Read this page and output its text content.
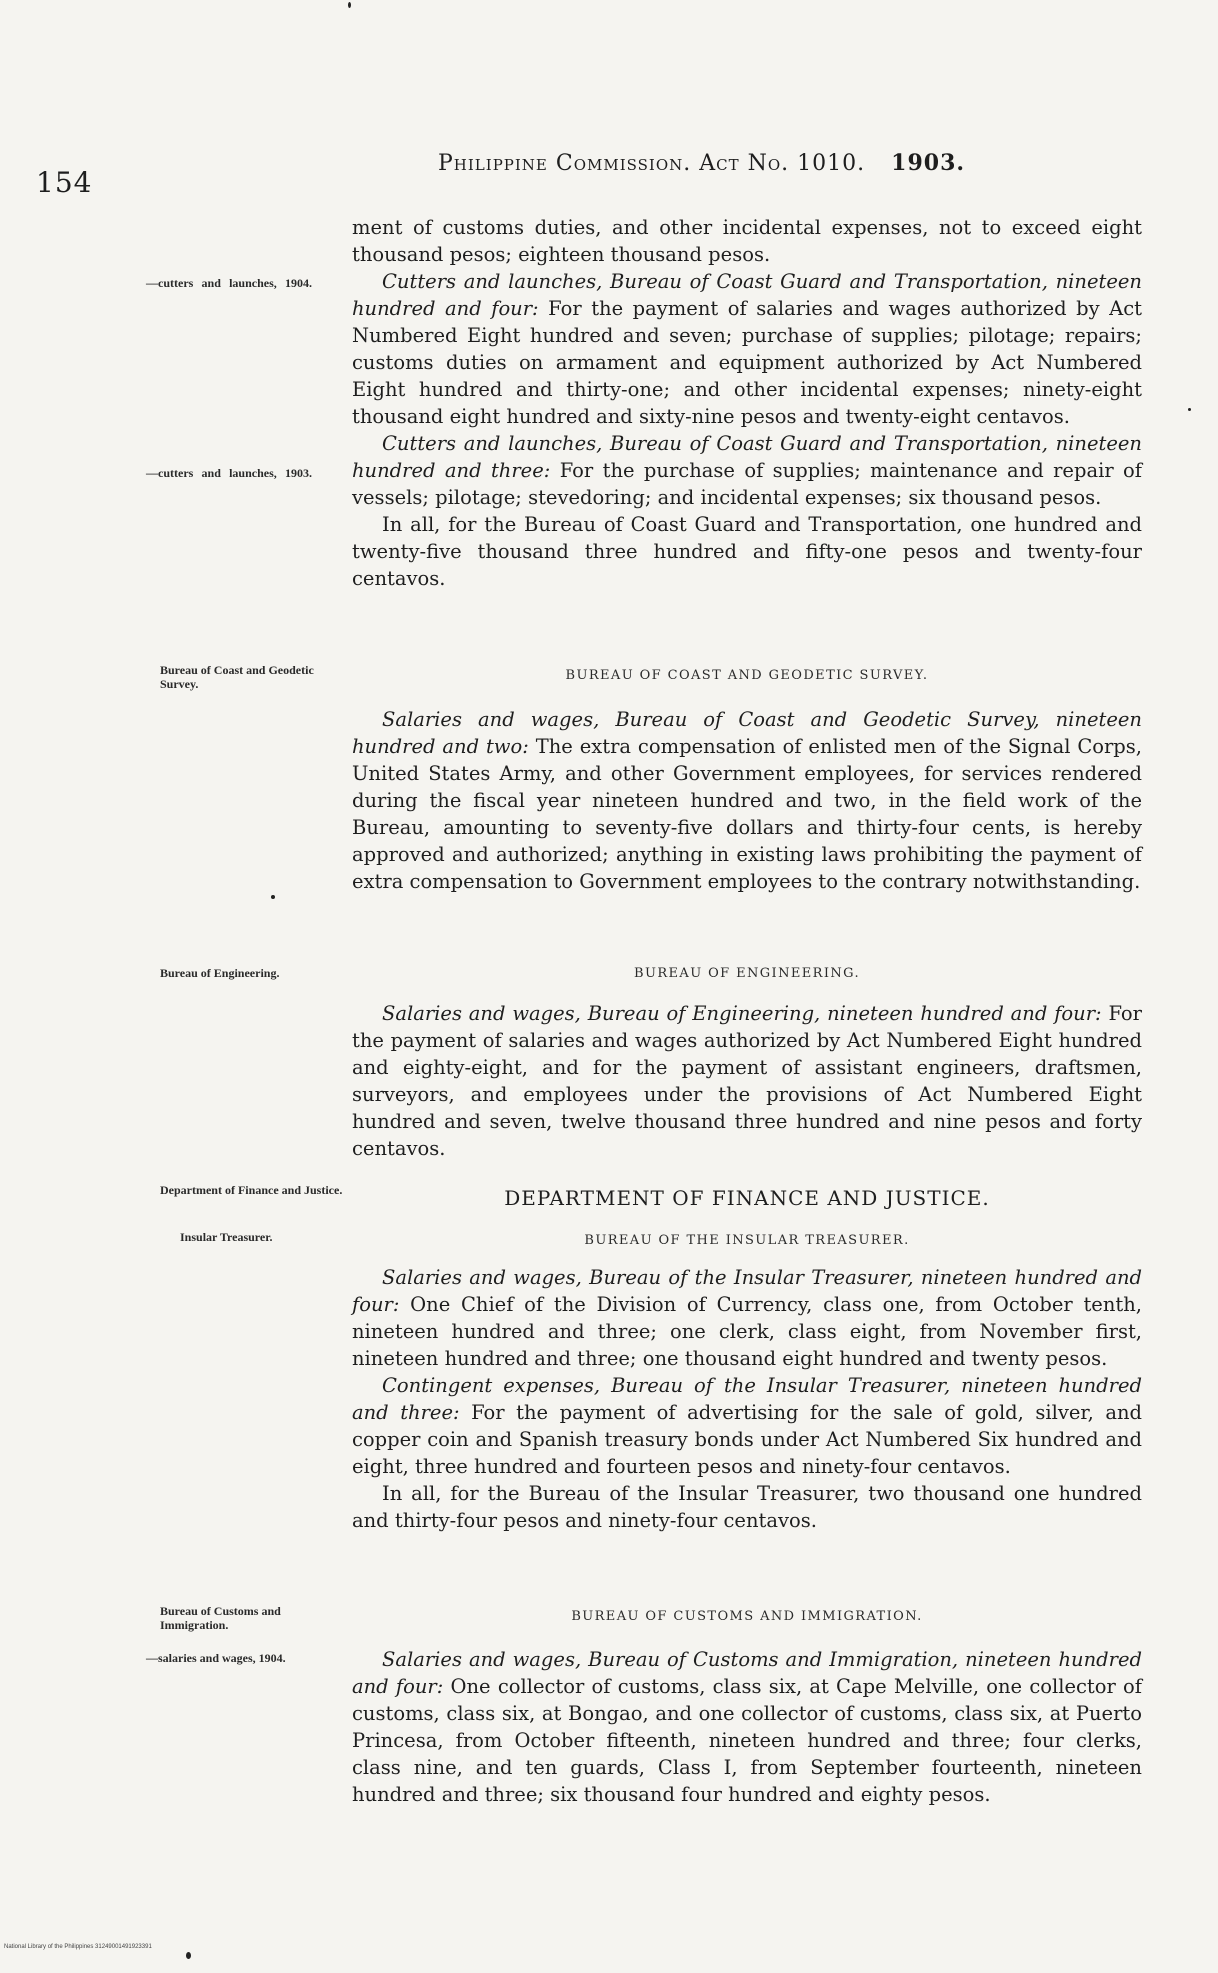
154
Philippine Commission. Act No. 1010. 1903.
—cutters and launches, 1904.
—cutters and launches, 1903.
Bureau of Coast and Geodetic Survey.
Bureau of Engineering.
Department of Finance and Justice.
Insular Treasurer.
Bureau of Customs and Immigration.
—salaries and wages, 1904.

ment of customs duties, and other incidental expenses, not to exceed eight thousand pesos; eighteen thousand pesos.

Cutters and launches, Bureau of Coast Guard and Transportation, nineteen hundred and four: For the payment of salaries and wages authorized by Act Numbered Eight hundred and seven; purchase of supplies; pilotage; repairs; customs duties on armament and equipment authorized by Act Numbered Eight hundred and thirty-one; and other incidental expenses; ninety-eight thousand eight hundred and sixty-nine pesos and twenty-eight centavos.

Cutters and launches, Bureau of Coast Guard and Transportation, nineteen hundred and three: For the purchase of supplies; maintenance and repair of vessels; pilotage; stevedoring; and incidental expenses; six thousand pesos.

In all, for the Bureau of Coast Guard and Transportation, one hundred and twenty-five thousand three hundred and fifty-one pesos and twenty-four centavos.

BUREAU OF COAST AND GEODETIC SURVEY.

Salaries and wages, Bureau of Coast and Geodetic Survey, nineteen hundred and two: The extra compensation of enlisted men of the Signal Corps, United States Army, and other Government employees, for services rendered during the fiscal year nineteen hundred and two, in the field work of the Bureau, amounting to seventy-five dollars and thirty-four cents, is hereby approved and authorized; anything in existing laws prohibiting the payment of extra compensation to Government employees to the contrary notwithstanding.

BUREAU OF ENGINEERING.

Salaries and wages, Bureau of Engineering, nineteen hundred and four: For the payment of salaries and wages authorized by Act Numbered Eight hundred and eighty-eight, and for the payment of assistant engineers, draftsmen, surveyors, and employees under the provisions of Act Numbered Eight hundred and seven, twelve thousand three hundred and nine pesos and forty centavos.

DEPARTMENT OF FINANCE AND JUSTICE.
BUREAU OF THE INSULAR TREASURER.

Salaries and wages, Bureau of the Insular Treasurer, nineteen hundred and four: One Chief of the Division of Currency, class one, from October tenth, nineteen hundred and three; one clerk, class eight, from November first, nineteen hundred and three; one thousand eight hundred and twenty pesos.

Contingent expenses, Bureau of the Insular Treasurer, nineteen hundred and three: For the payment of advertising for the sale of gold, silver, and copper coin and Spanish treasury bonds under Act Numbered Six hundred and eight, three hundred and fourteen pesos and ninety-four centavos.

In all, for the Bureau of the Insular Treasurer, two thousand one hundred and thirty-four pesos and ninety-four centavos.

BUREAU OF CUSTOMS AND IMMIGRATION.

Salaries and wages, Bureau of Customs and Immigration, nineteen hundred and four: One collector of customs, class six, at Cape Melville, one collector of customs, class six, at Bongao, and one collector of customs, class six, at Puerto Princesa, from October fifteenth, nineteen hundred and three; four clerks, class nine, and ten guards, Class I, from September fourteenth, nineteen hundred and three; six thousand four hundred and eighty pesos.

National Library of the Philippines 31249001491923391
